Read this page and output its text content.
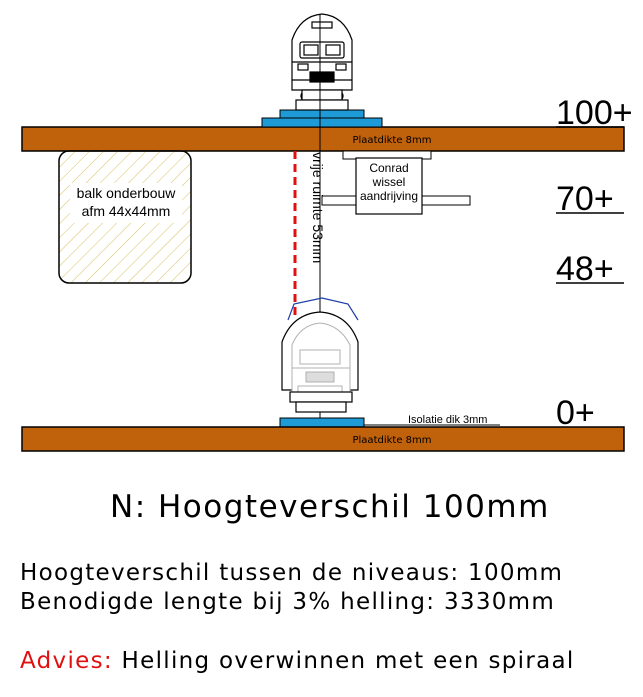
Plaatdikte 8mm
balk onderbouw
afm 44x44mm
Conrad
wissel
aandrijving
vrije ruimte 53mm
Isolatie dik 3mm
Plaatdikte 8mm
100+
70+
48+
0+
N: Hoogteverschil 100mm
Hoogteverschil tussen de niveaus: 100mm
Benodigde lengte bij 3% helling: 3330mm
Advies: Helling overwinnen met een spiraal
